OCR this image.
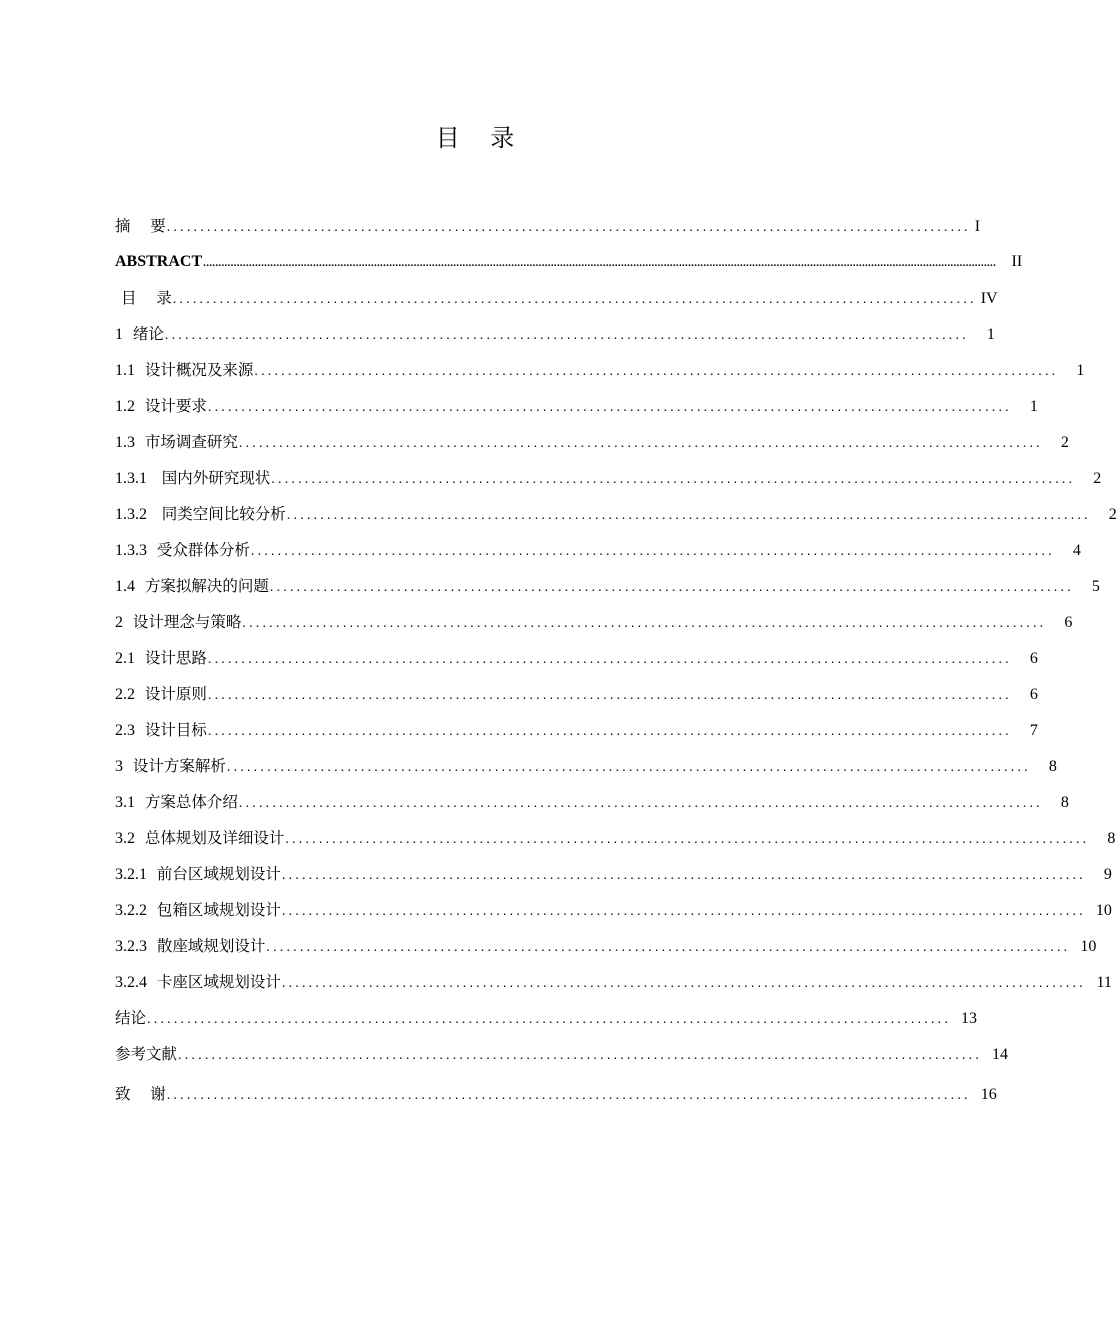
目    录
摘    要 ........................................................................................................................ I
ABSTRACT .................................................................................................................................................................................................................................................................... II
目    录 ........................................................................................................................ IV
1 绪论 ........................................................................................................................	1
1.1 设计概况及来源 ........................................................................................................................	1
1.2 设计要求 ........................................................................................................................	1
1.3 市场调查研究 ........................................................................................................................	2
1.3.1   国内外研究现状 ........................................................................................................................	2
1.3.2   同类空间比较分析 ........................................................................................................................	2
1.3.3 受众群体分析 ........................................................................................................................	4
1.4 方案拟解决的问题 ........................................................................................................................	5
2 设计理念与策略 ........................................................................................................................	6
2.1 设计思路 ........................................................................................................................	6
2.2 设计原则 ........................................................................................................................	6
2.3 设计目标 ........................................................................................................................	7
3 设计方案解析 ........................................................................................................................	8
3.1 方案总体介绍 ........................................................................................................................	8
3.2 总体规划及详细设计 ........................................................................................................................	8
3.2.1 前台区域规划设计 ........................................................................................................................	9
3.2.2 包箱区域规划设计 ........................................................................................................................ 10
3.2.3 散座域规划设计 ........................................................................................................................ 10
3.2.4 卡座区域规划设计 ........................................................................................................................ 11
结论 ........................................................................................................................ 13
参考文献 ........................................................................................................................ 14
致    谢 ........................................................................................................................ 16
